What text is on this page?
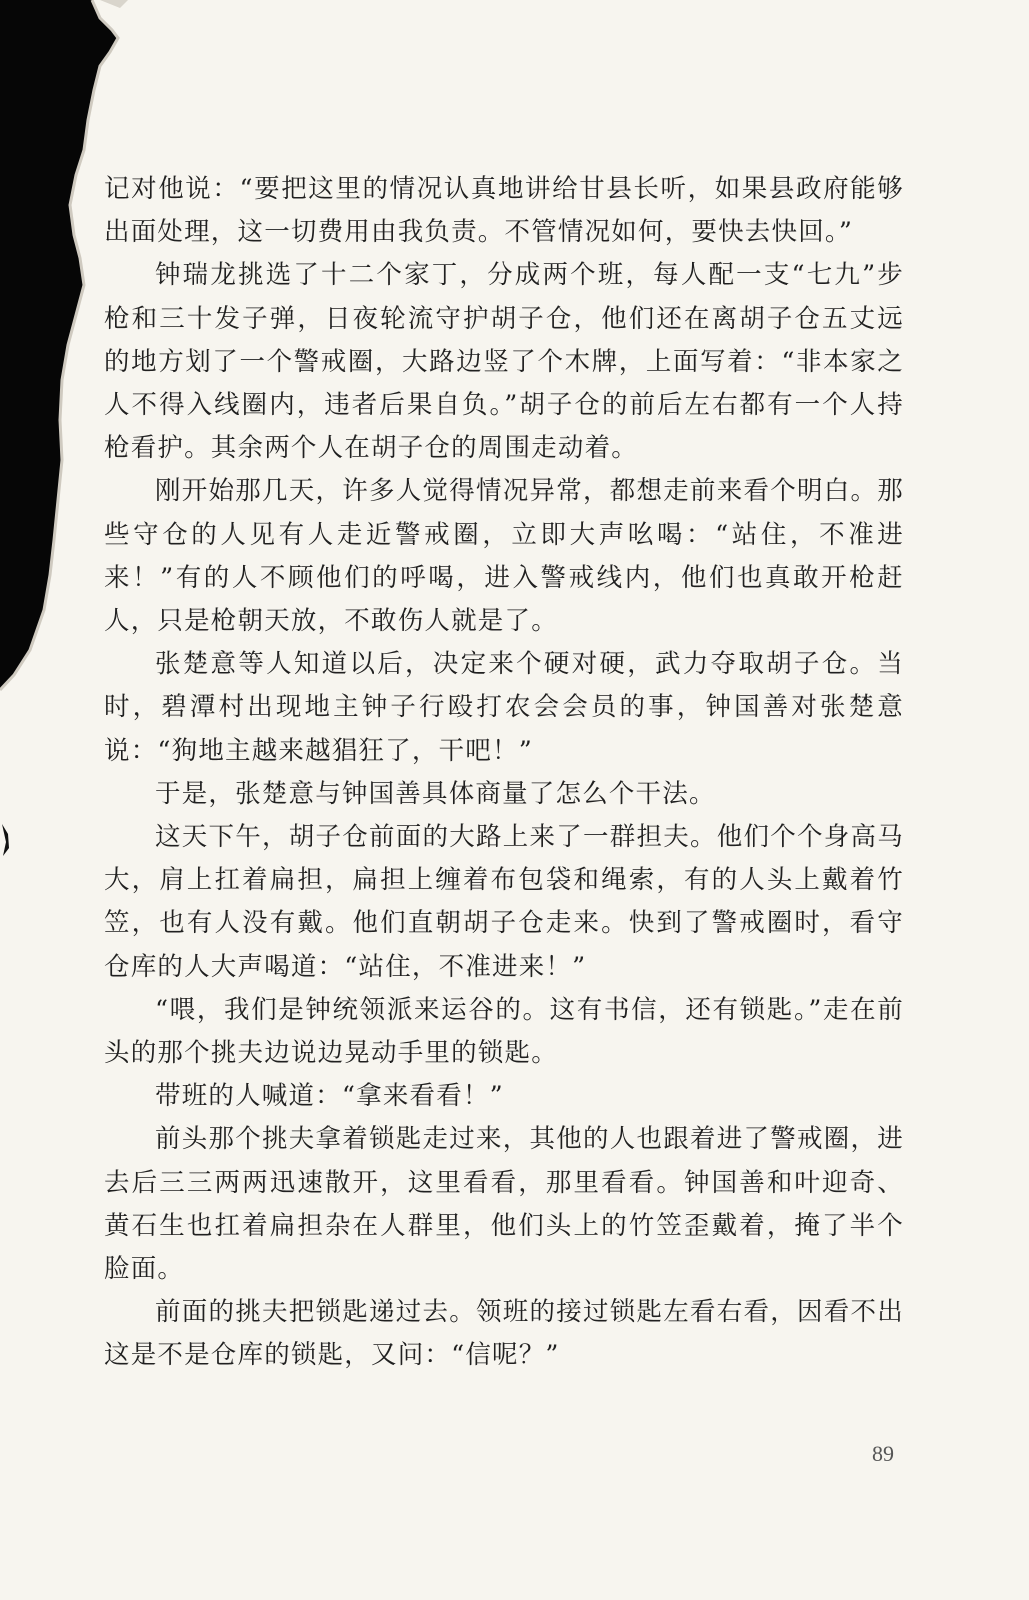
记对他说：“要把这里的情况认真地讲给甘县长听，如果县政府能够出面处理，这一切费用由我负责。不管情况如何，要快去快回。”

钟瑞龙挑选了十二个家丁，分成两个班，每人配一支“七九”步枪和三十发子弹，日夜轮流守护胡子仓，他们还在离胡子仓五丈远的地方划了一个警戒圈，大路边竖了个木牌，上面写着：“非本家之人不得入线圈内，违者后果自负。”胡子仓的前后左右都有一个人持枪看护。其余两个人在胡子仓的周围走动着。

刚开始那几天，许多人觉得情况异常，都想走前来看个明白。那些守仓的人见有人走近警戒圈，立即大声吆喝：“站住，不准进来！”有的人不顾他们的呼喝，进入警戒线内，他们也真敢开枪赶人，只是枪朝天放，不敢伤人就是了。

张楚意等人知道以后，决定来个硬对硬，武力夺取胡子仓。当时，碧潭村出现地主钟子行殴打农会会员的事，钟国善对张楚意说：“狗地主越来越猖狂了，干吧！”

于是，张楚意与钟国善具体商量了怎么个干法。

这天下午，胡子仓前面的大路上来了一群担夫。他们个个身高马大，肩上扛着扁担，扁担上缠着布包袋和绳索，有的人头上戴着竹笠，也有人没有戴。他们直朝胡子仓走来。快到了警戒圈时，看守仓库的人大声喝道：“站住，不准进来！”

“喂，我们是钟统领派来运谷的。这有书信，还有锁匙。”走在前头的那个挑夫边说边晃动手里的锁匙。

带班的人喊道：“拿来看看！”

前头那个挑夫拿着锁匙走过来，其他的人也跟着进了警戒圈，进去后三三两两迅速散开，这里看看，那里看看。钟国善和叶迎奇、黄石生也扛着扁担杂在人群里，他们头上的竹笠歪戴着，掩了半个脸面。

前面的挑夫把锁匙递过去。领班的接过锁匙左看右看，因看不出这是不是仓库的锁匙，又问：“信呢？”

89
